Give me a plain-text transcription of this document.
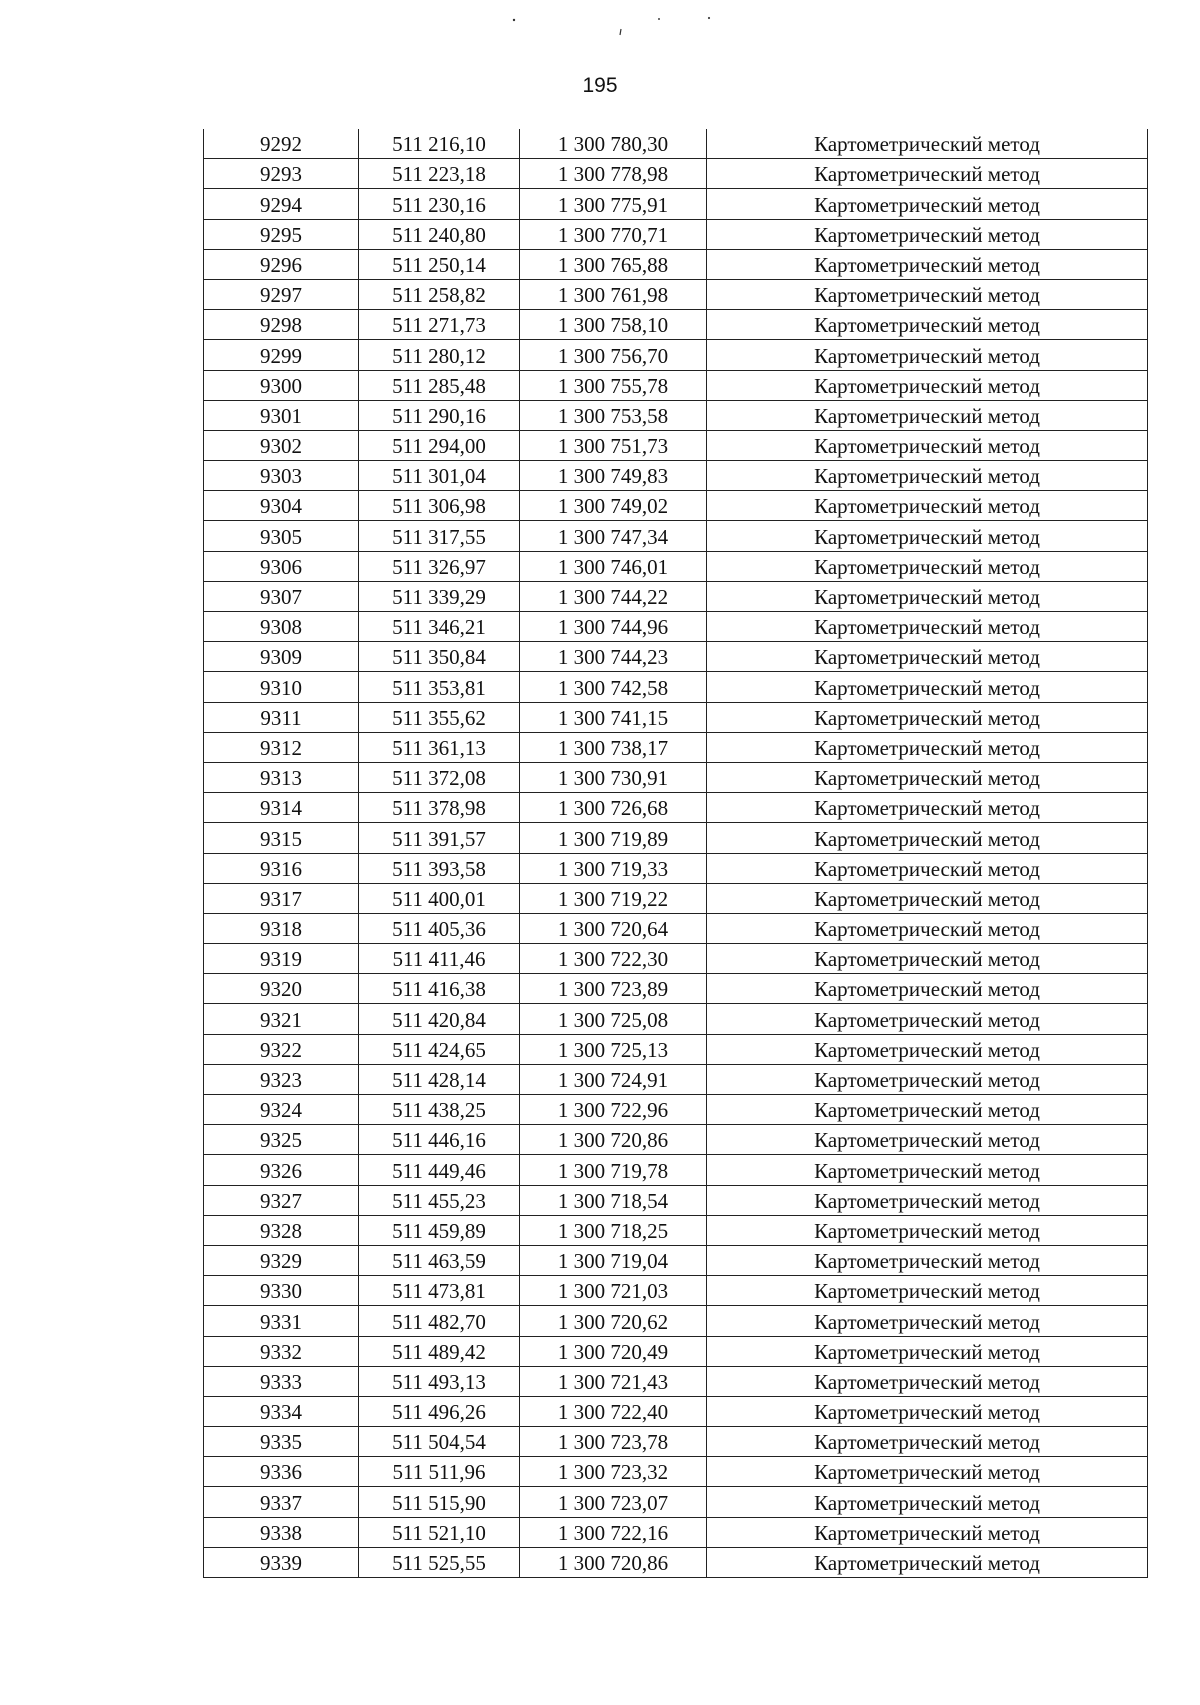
195
9292	511 216,10	1 300 780,30	Картометрический метод
9293	511 223,18	1 300 778,98	Картометрический метод
9294	511 230,16	1 300 775,91	Картометрический метод
9295	511 240,80	1 300 770,71	Картометрический метод
9296	511 250,14	1 300 765,88	Картометрический метод
9297	511 258,82	1 300 761,98	Картометрический метод
9298	511 271,73	1 300 758,10	Картометрический метод
9299	511 280,12	1 300 756,70	Картометрический метод
9300	511 285,48	1 300 755,78	Картометрический метод
9301	511 290,16	1 300 753,58	Картометрический метод
9302	511 294,00	1 300 751,73	Картометрический метод
9303	511 301,04	1 300 749,83	Картометрический метод
9304	511 306,98	1 300 749,02	Картометрический метод
9305	511 317,55	1 300 747,34	Картометрический метод
9306	511 326,97	1 300 746,01	Картометрический метод
9307	511 339,29	1 300 744,22	Картометрический метод
9308	511 346,21	1 300 744,96	Картометрический метод
9309	511 350,84	1 300 744,23	Картометрический метод
9310	511 353,81	1 300 742,58	Картометрический метод
9311	511 355,62	1 300 741,15	Картометрический метод
9312	511 361,13	1 300 738,17	Картометрический метод
9313	511 372,08	1 300 730,91	Картометрический метод
9314	511 378,98	1 300 726,68	Картометрический метод
9315	511 391,57	1 300 719,89	Картометрический метод
9316	511 393,58	1 300 719,33	Картометрический метод
9317	511 400,01	1 300 719,22	Картометрический метод
9318	511 405,36	1 300 720,64	Картометрический метод
9319	511 411,46	1 300 722,30	Картометрический метод
9320	511 416,38	1 300 723,89	Картометрический метод
9321	511 420,84	1 300 725,08	Картометрический метод
9322	511 424,65	1 300 725,13	Картометрический метод
9323	511 428,14	1 300 724,91	Картометрический метод
9324	511 438,25	1 300 722,96	Картометрический метод
9325	511 446,16	1 300 720,86	Картометрический метод
9326	511 449,46	1 300 719,78	Картометрический метод
9327	511 455,23	1 300 718,54	Картометрический метод
9328	511 459,89	1 300 718,25	Картометрический метод
9329	511 463,59	1 300 719,04	Картометрический метод
9330	511 473,81	1 300 721,03	Картометрический метод
9331	511 482,70	1 300 720,62	Картометрический метод
9332	511 489,42	1 300 720,49	Картометрический метод
9333	511 493,13	1 300 721,43	Картометрический метод
9334	511 496,26	1 300 722,40	Картометрический метод
9335	511 504,54	1 300 723,78	Картометрический метод
9336	511 511,96	1 300 723,32	Картометрический метод
9337	511 515,90	1 300 723,07	Картометрический метод
9338	511 521,10	1 300 722,16	Картометрический метод
9339	511 525,55	1 300 720,86	Картометрический метод
